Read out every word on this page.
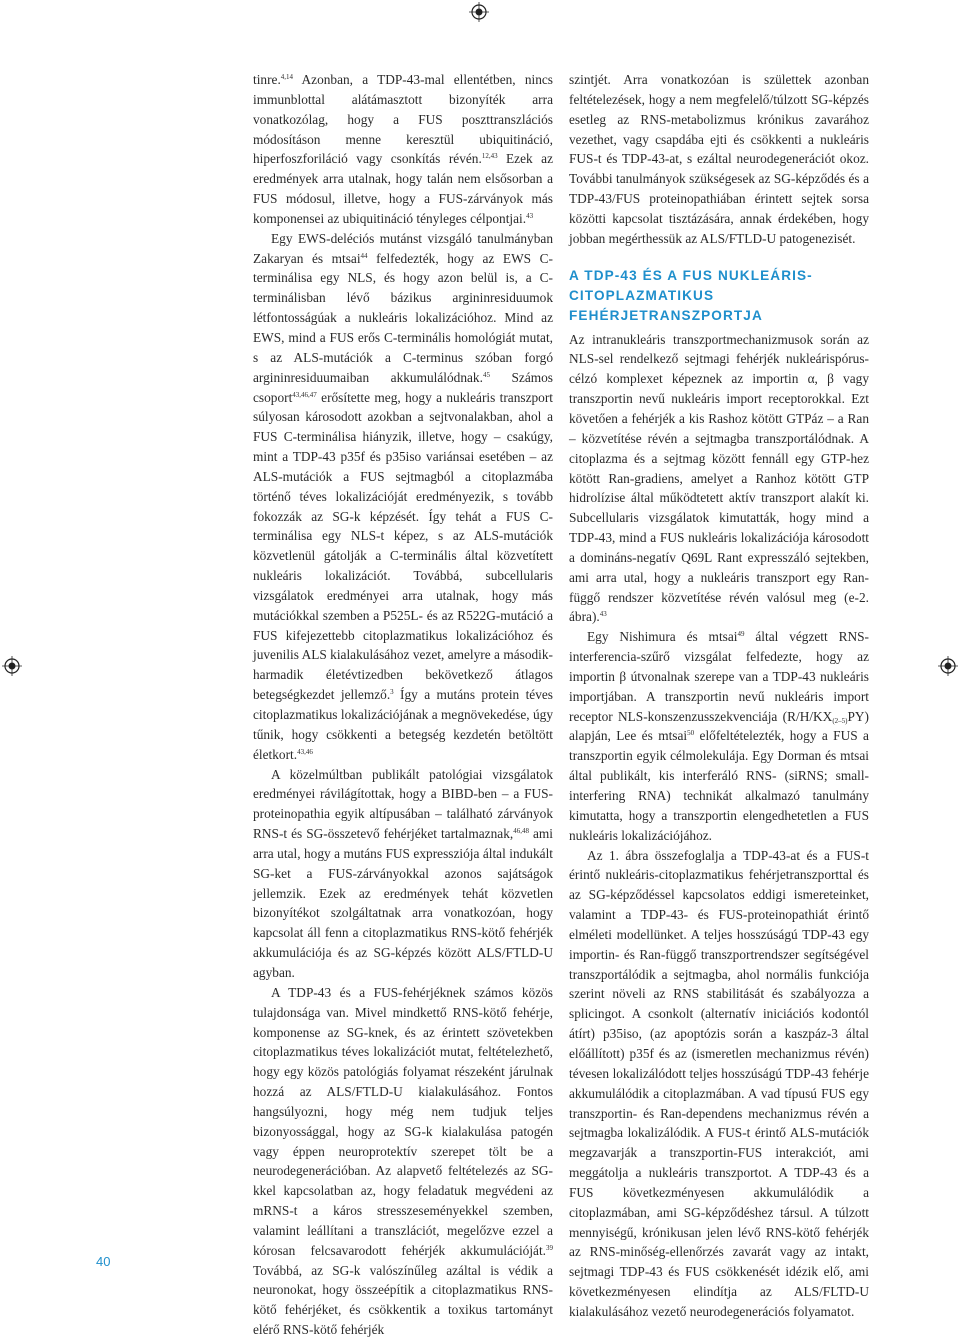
tinre.$^{4,14}$ Azonban, a TDP-43-mal ellentétben, nincs immunblottal alátámasztott bizonyíték arra vonatkozólag, hogy a FUS poszttranszlációs módosításon menne keresztül ubiquitináció, hiperfoszforiláció vagy csonkítás révén.$^{12,43}$ Ezek az eredmények arra utalnak, hogy talán nem elsősorban a FUS módosul, illetve, hogy a FUS-zárványok más komponensei az ubiquitináció tényleges célpontjai.$^{43}$

Egy EWS-deléciós mutánst vizsgáló tanulmányban Zakaryan és mtsai$^{44}$ felfedezték, hogy az EWS C-terminálisa egy NLS, és hogy azon belül is, a C-terminálisban lévő bázikus argininresiduumok létfontosságúak a nukleáris lokalizációhoz. Mind az EWS, mind a FUS erős C-terminális homológiát mutat, s az ALS-mutációk a C-terminus szóban forgó argininresiduumaiban akkumulálódnak.$^{45}$ Számos csoport$^{43,46,47}$ erősítette meg, hogy a nukleáris transzport súlyosan károsodott azokban a sejtvonalakban, ahol a FUS C-terminálisa hiányzik, illetve, hogy – csakúgy, mint a TDP-43 p35f és p35iso variánsai esetében – az ALS-mutációk a FUS sejtmagból a citoplazmába történő téves lokalizációját eredményezik, s tovább fokozzák az SG-k képzését. Így tehát a FUS C-terminálisa egy NLS-t képez, s az ALS-mutációk közvetlenül gátolják a C-terminális által közvetített nukleáris lokalizációt. Továbbá, subcellularis vizsgálatok eredményei arra utalnak, hogy más mutációkkal szemben a P525L- és az R522G-mutáció a FUS kifejezettebb citoplazmatikus lokalizációhoz és juvenilis ALS kialakulásához vezet, amelyre a második-harmadik életévtizedben bekövetkező átlagos betegségkezdet jellemző.$^3$ Így a mutáns protein téves citoplazmatikus lokalizációjának a megnövekedése, úgy tűnik, hogy csökkenti a betegség kezdetén betöltött életkort.$^{43,46}$

A közelmúltban publikált patológiai vizsgálatok eredményei rávilágítottak, hogy a BIBD-ben – a FUS-proteinopathia egyik altípusában – található zárványok RNS-t és SG-összetevő fehérjéket tartalmaznak,$^{46,48}$ ami arra utal, hogy a mutáns FUS expressziója által indukált SG-ket a FUS-zárványokkal azonos sajátságok jellemzik. Ezek az eredmények tehát közvetlen bizonyítékot szolgáltatnak arra vonatkozóan, hogy kapcsolat áll fenn a citoplazmatikus RNS-kötő fehérjék akkumulációja és az SG-képzés között ALS/FTLD-U agyban.

A TDP-43 és a FUS-fehérjéknek számos közös tulajdonsága van. Mivel mindkettő RNS-kötő fehérje, komponense az SG-knek, és az érintett szövetekben citoplazmatikus téves lokalizációt mutat, feltételezhető, hogy egy közös patológiás folyamat részeként járulnak hozzá az ALS/FTLD-U kialakulásához. Fontos hangsúlyozni, hogy még nem tudjuk teljes bizonyossággal, hogy az SG-k kialakulása patogén vagy éppen neuroprotektív szerepet tölt be a neurodegenerációban. Az alapvető feltételezés az SG-kkel kapcsolatban az, hogy feladatuk megvédeni az mRNS-t a káros stresszeseményekkel szemben, valamint leállítani a transzlációt, megelőzve ezzel a kórosan felcsavarodott fehérjék akkumulációját.$^{39}$ Továbbá, az SG-k valószínűleg azáltal is védik a neuronokat, hogy összeépítik a citoplazmatikus RNS-kötő fehérjéket, és csökkentik a toxikus tartományt elérő RNS-kötő fehérjék

szintjét. Arra vonatkozóan is születtek azonban feltételezések, hogy a nem megfelelő/túlzott SG-képzés esetleg az RNS-metabolizmus krónikus zavarához vezethet, vagy csapdába ejti és csökkenti a nukleáris FUS-t és TDP-43-at, s ezáltal neurodegenerációt okoz. További tanulmányok szükségesek az SG-képződés és a TDP-43/FUS proteinopathiában érintett sejtek sorsa közötti kapcsolat tisztázására, annak érdekében, hogy jobban megérthessük az ALS/FTLD-U patogenezisét.

A TDP-43 ÉS A FUS NUKLEÁRIS-CITOPLAZMATIKUS FEHÉRJETRANSZPORTJA

Az intranukleáris transzportmechanizmusok során az NLS-sel rendelkező sejtmagi fehérjék nukleárispórus-célzó komplexet képeznek az importin α, β vagy transzportin nevű nukleáris import receptorokkal. Ezt követően a fehérjék a kis Rashoz kötött GTPáz – a Ran – közvetítése révén a sejtmagba transzportálódnak. A citoplazma és a sejtmag között fennáll egy GTP-hez kötött Ran-gradiens, amelyet a Ranhoz kötött GTP hidrolízise által működtetett aktív transzport alakít ki. Subcellularis vizsgálatok kimutatták, hogy mind a TDP-43, mind a FUS nukleáris lokalizációja károsodott a domináns-negatív Q69L Rant expresszáló sejtekben, ami arra utal, hogy a nukleáris transzport egy Ran-függő rendszer közvetítése révén valósul meg (e-2. ábra).$^{43}$

Egy Nishimura és mtsai$^{49}$ által végzett RNS-interferencia-szűrő vizsgálat felfedezte, hogy az importin β útvonalnak szerepe van a TDP-43 nukleáris importjában. A transzportin nevű nukleáris import receptor NLS-konszenzusszekvenciája $(R/H/KX_{(2-5)}PY)$ alapján, Lee és mtsai$^{50}$ előfeltételezték, hogy a FUS a transzportin egyik célmolekulája. Egy Dorman és mtsai által publikált, kis interferáló RNS- (siRNS; small-interfering RNA) technikát alkalmazó tanulmány kimutatta, hogy a transzportin elengedhetetlen a FUS nukleáris lokalizációjához.

Az 1. ábra összefoglalja a TDP-43-at és a FUS-t érintő nukleáris-citoplazmatikus fehérjetranszporttal és az SG-képződéssel kapcsolatos eddigi ismereteinket, valamint a TDP-43- és FUS-proteinopathiát érintő elméleti modellünket. A teljes hosszúságú TDP-43 egy importin- és Ran-függő transzportrendszer segítségével transzportálódik a sejtmagba, ahol normális funkciója szerint növeli az RNS stabilitását és szabályozza a splicingot. A csonkolt (alternatív iniciációs kodontól átírt) p35iso, (az apoptózis során a kaszpáz-3 által előállított) p35f és az (ismeretlen mechanizmus révén) tévesen lokalizálódott teljes hosszúságú TDP-43 fehérje akkumulálódik a citoplazmában. A vad típusú FUS egy transzportin- és Ran-dependens mechanizmus révén a sejtmagba lokalizálódik. A FUS-t érintő ALS-mutációk megzavarják a transzportin-FUS interakciót, ami meggátolja a nukleáris transzportot. A TDP-43 és a FUS következményesen akkumulálódik a citoplazmában, ami SG-képződéshez társul. A túlzott mennyiségű, krónikusan jelen lévő RNS-kötő fehérjék az RNS-minőség-ellenőrzés zavarát vagy az intakt, sejtmagi TDP-43 és FUS csökkenését idézik elő, ami következményesen elindítja az ALS/FLTD-U kialakulásához vezető neurodegenerációs folyamatot.

40
